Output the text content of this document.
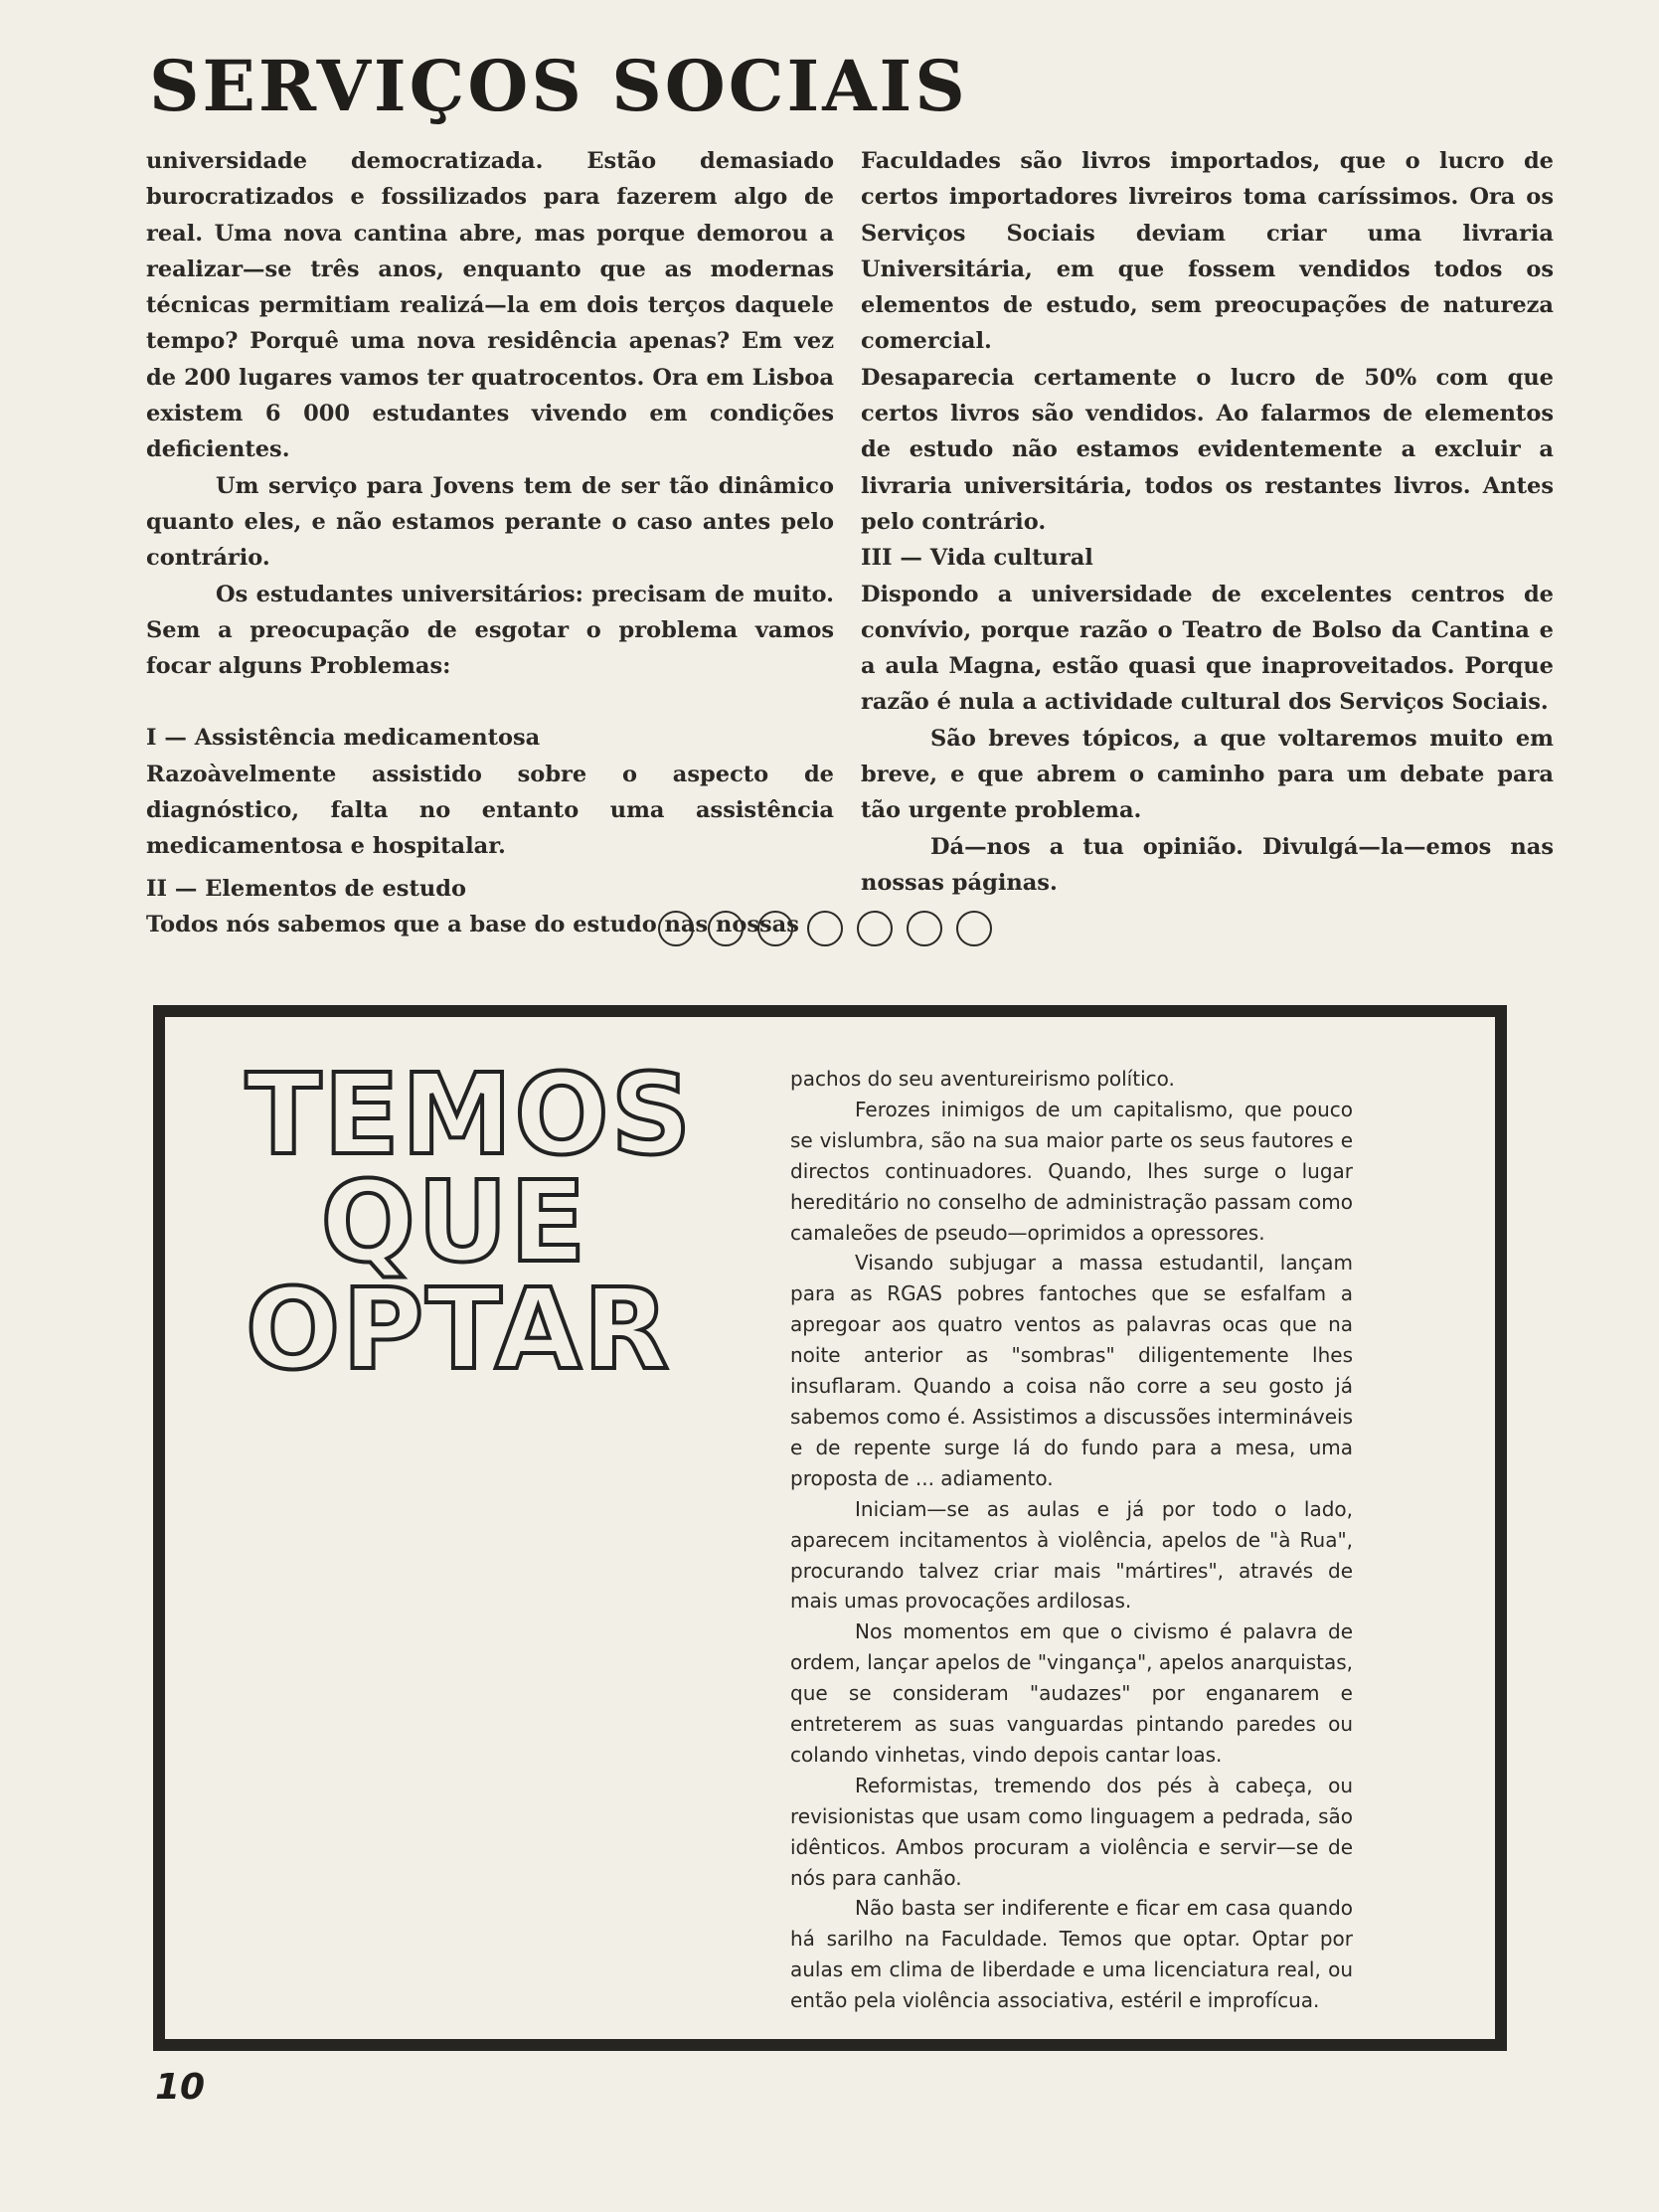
SERVIÇOS SOCIAIS

universidade democratizada. Estão demasiado burocratizados e fossilizados para fazerem algo de real. Uma nova cantina abre, mas porque demorou a realizar—se três anos, enquanto que as modernas técnicas permitiam realizá—la em dois terços daquele tempo? Porquê uma nova residência apenas? Em vez de 200 lugares vamos ter quatrocentos. Ora em Lisboa existem 6 000 estudantes vivendo em condições deficientes.

Um serviço para Jovens tem de ser tão dinâmico quanto eles, e não estamos perante o caso antes pelo contrário.

Os estudantes universitários: precisam de muito. Sem a preocupação de esgotar o problema vamos focar alguns Problemas:

I — Assistência medicamentosa

Razoàvelmente assistido sobre o aspecto de diagnóstico, falta no entanto uma assistência medicamentosa e hospitalar.

II — Elementos de estudo

Todos nós sabemos que a base do estudo nas nossas

Faculdades são livros importados, que o lucro de certos importadores livreiros toma caríssimos. Ora os Serviços Sociais deviam criar uma livraria Universitária, em que fossem vendidos todos os elementos de estudo, sem preocupações de natureza comercial.

Desaparecia certamente o lucro de 50% com que certos livros são vendidos. Ao falarmos de elementos de estudo não estamos evidentemente a excluir a livraria universitária, todos os restantes livros. Antes pelo contrário.

III — Vida cultural

Dispondo a universidade de excelentes centros de convívio, porque razão o Teatro de Bolso da Cantina e a aula Magna, estão quasi que inaproveitados. Porque razão é nula a actividade cultural dos Serviços Sociais.

São breves tópicos, a que voltaremos muito em breve, e que abrem o caminho para um debate para tão urgente problema.

Dá—nos a tua opinião. Divulgá—la—emos nas nossas páginas.

TEMOS
QUE
OPTAR

pachos do seu aventureirismo político.

Ferozes inimigos de um capitalismo, que pouco se vislumbra, são na sua maior parte os seus fautores e directos continuadores. Quando, lhes surge o lugar hereditário no conselho de administração passam como camaleões de pseudo—oprimidos a opressores.

Visando subjugar a massa estudantil, lançam para as RGAS pobres fantoches que se esfalfam a apregoar aos quatro ventos as palavras ocas que na noite anterior as "sombras" diligentemente lhes insuflaram. Quando a coisa não corre a seu gosto já sabemos como é. Assistimos a discussões intermináveis e de repente surge lá do fundo para a mesa, uma proposta de ... adiamento.

Iniciam—se as aulas e já por todo o lado, aparecem incitamentos à violência, apelos de "à Rua", procurando talvez criar mais "mártires", através de mais umas provocações ardilosas.

Nos momentos em que o civismo é palavra de ordem, lançar apelos de "vingança", apelos anarquistas, que se consideram "audazes" por enganarem e entreterem as suas vanguardas pintando paredes ou colando vinhetas, vindo depois cantar loas.

Reformistas, tremendo dos pés à cabeça, ou revisionistas que usam como linguagem a pedrada, são idênticos. Ambos procuram a violência e servir—se de nós para canhão.

Não basta ser indiferente e ficar em casa quando há sarilho na Faculdade. Temos que optar. Optar por aulas em clima de liberdade e uma licenciatura real, ou então pela violência associativa, estéril e improfícua.

10
